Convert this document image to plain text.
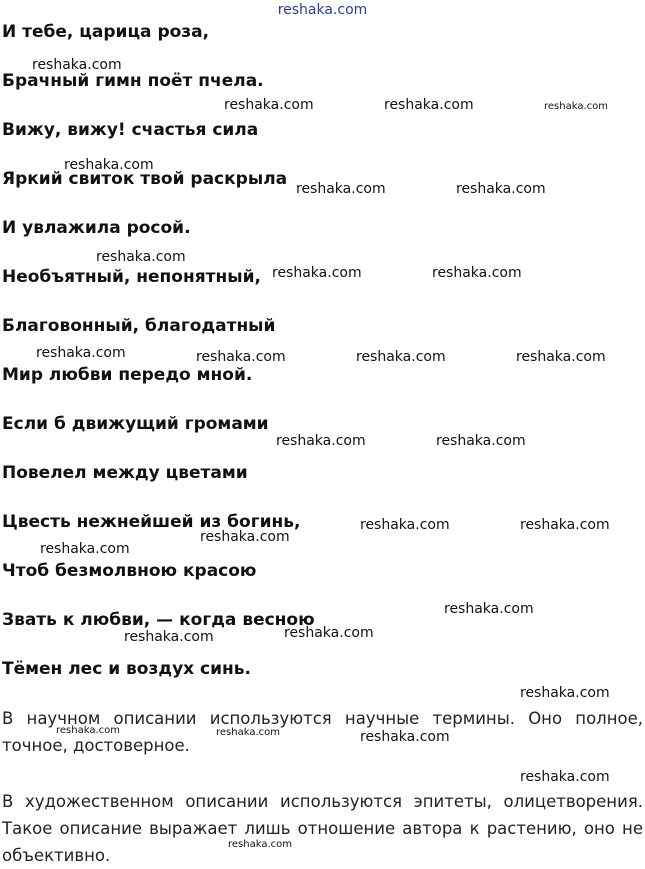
reshaka.com
И тебе, царица роза,
Брачный гимн поёт пчела.
Вижу, вижу! счастья сила
Яркий свиток твой раскрыла
И увлажила росой.
Необъятный, непонятный,
Благовонный, благодатный
Мир любви передо мной.
Если б движущий громами
Повелел между цветами
Цвесть нежнейшей из богинь,
Чтоб безмолвною красою
Звать к любви, — когда весною
Тёмен лес и воздух синь.
В научном описании используются научные термины. Оно полное, точное, достоверное.
В художественном описании используются эпитеты, олицетворения. Такое описание выражает лишь отношение автора к растению, оно не объективно.
reshaka.com
reshaka.com	reshaka.com	reshaka.com
reshaka.com
reshaka.com	reshaka.com
reshaka.com
reshaka.com	reshaka.com
reshaka.com	reshaka.com	reshaka.com	reshaka.com
reshaka.com	reshaka.com
reshaka.com	reshaka.com
reshaka.com
reshaka.com
reshaka.com
reshaka.com
reshaka.com
reshaka.com
reshaka.com	reshaka.com	reshaka.com
reshaka.com
reshaka.com
